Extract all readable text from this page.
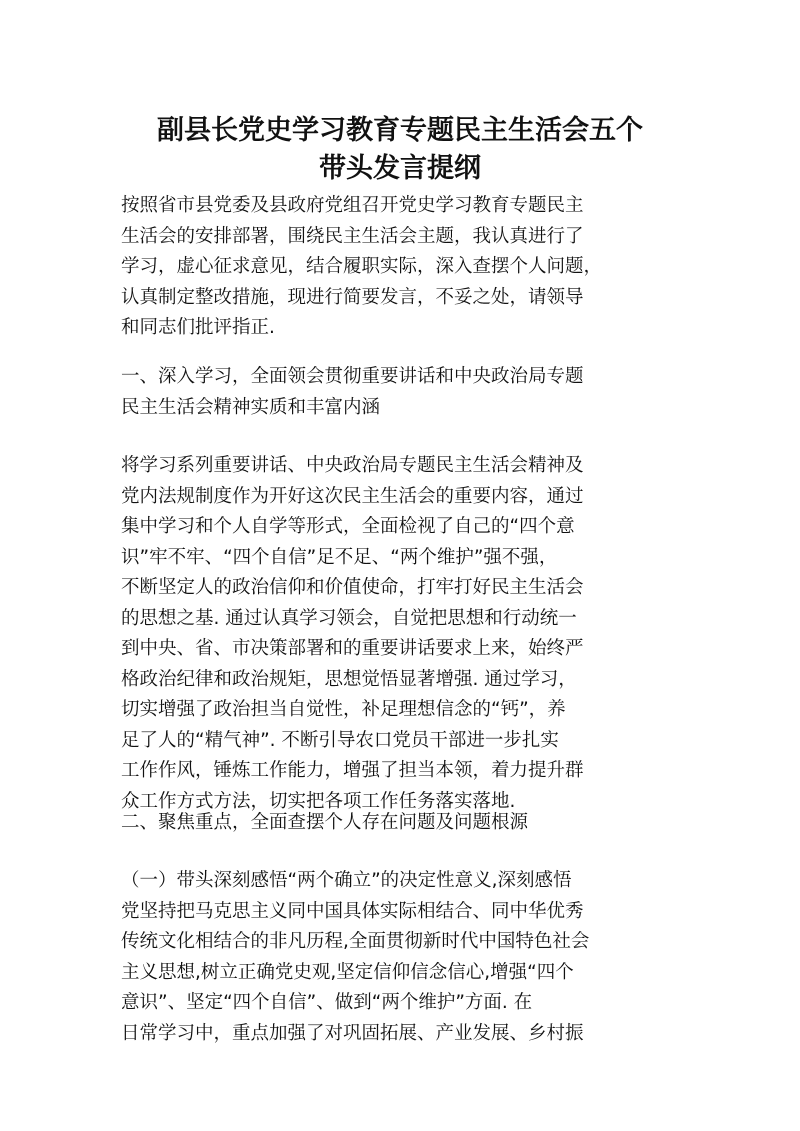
副县长党史学习教育专题民主生活会五个
带头发言提纲

按照省市县党委及县政府党组召开党史学习教育专题民主
生活会的安排部署，围绕民主生活会主题，我认真进行了
学习，虚心征求意见，结合履职实际，深入查摆个人问题，
认真制定整改措施，现进行简要发言，不妥之处，请领导
和同志们批评指正.

一、深入学习，全面领会贯彻重要讲话和中央政治局专题
民主生活会精神实质和丰富内涵

将学习系列重要讲话、中央政治局专题民主生活会精神及
党内法规制度作为开好这次民主生活会的重要内容，通过
集中学习和个人自学等形式，全面检视了自己的“四个意
识”牢不牢、“四个自信”足不足、“两个维护”强不强，
不断坚定人的政治信仰和价值使命，打牢打好民主生活会
的思想之基. 通过认真学习领会，自觉把思想和行动统一
到中央、省、市决策部署和的重要讲话要求上来，始终严
格政治纪律和政治规矩，思想觉悟显著增强. 通过学习，
切实增强了政治担当自觉性，补足理想信念的“钙”，养
足了人的“精气神”. 不断引导农口党员干部进一步扎实
工作作风，锤炼工作能力，增强了担当本领，着力提升群
众工作方式方法，切实把各项工作任务落实落地.

二、聚焦重点，全面查摆个人存在问题及问题根源

（一）带头深刻感悟“两个确立”的决定性意义,深刻感悟
党坚持把马克思主义同中国具体实际相结合、同中华优秀
传统文化相结合的非凡历程,全面贯彻新时代中国特色社会
主义思想,树立正确党史观,坚定信仰信念信心,增强“四个
意识”、坚定“四个自信”、做到“两个维护”方面. 在
日常学习中，重点加强了对巩固拓展、产业发展、乡村振
